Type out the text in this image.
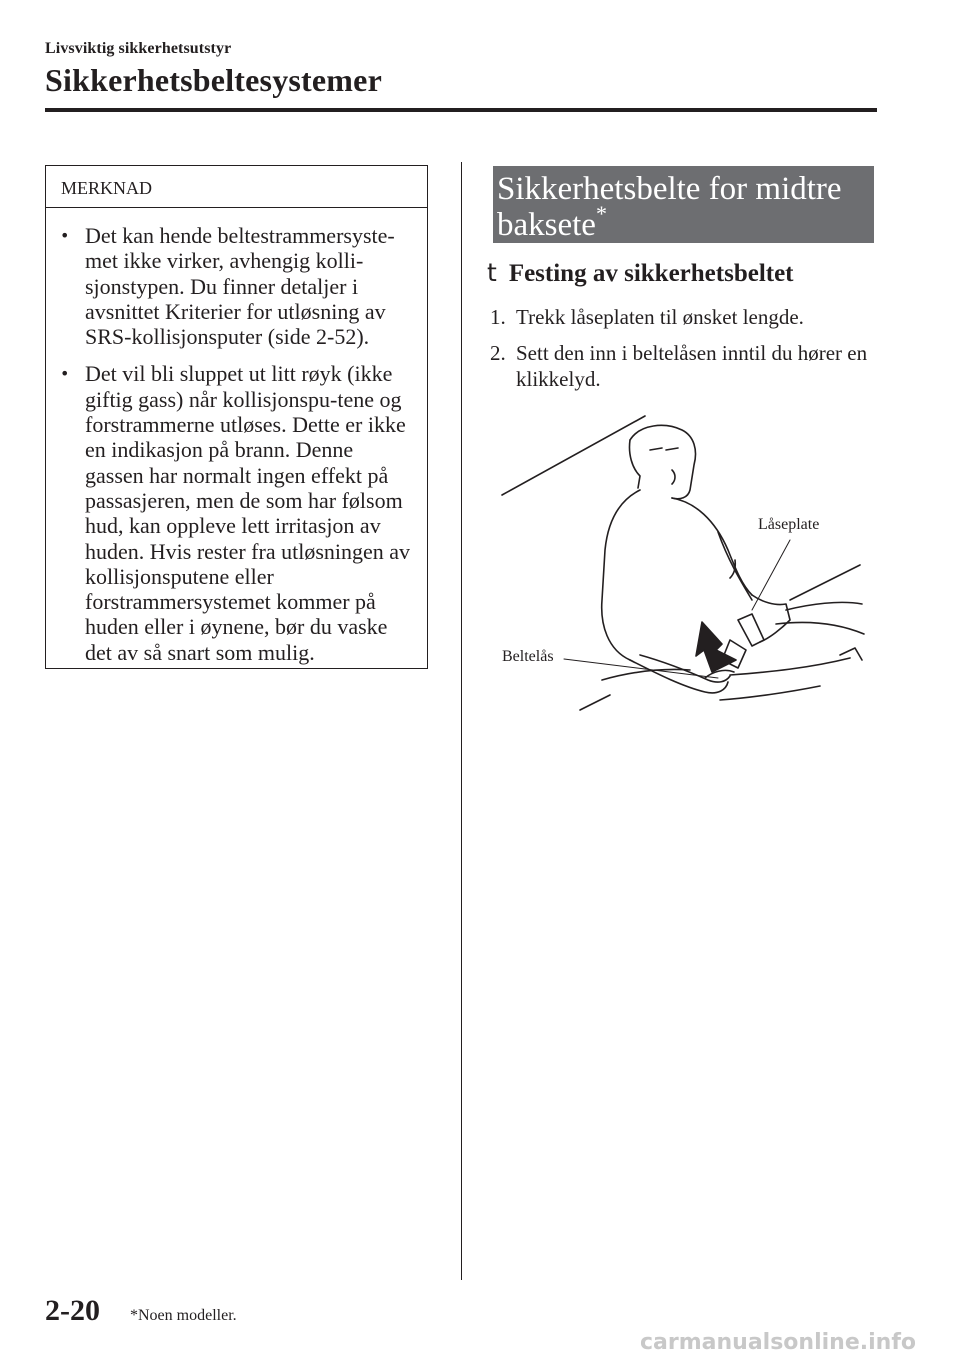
Livsviktig sikkerhetsutstyr
Sikkerhetsbeltesystemer
MERKNAD
• Det kan hende beltestrammersyste-met ikke virker, avhengig kolli-sjonstypen. Du finner detaljer i avsnittet Kriterier for utløsning av SRS-kollisjonsputer (side 2-52).
• Det vil bli sluppet ut litt røyk (ikke giftig gass) når kollisjonspu-tene og forstrammerne utløses. Dette er ikke en indikasjon på brann. Denne gassen har normalt ingen effekt på passasjeren, men de som har følsom hud, kan oppleve lett irritasjon av huden. Hvis rester fra utløsningen av kollisjonsputene eller forstrammersystemet kommer på huden eller i øynene, bør du vaske det av så snart som mulig.
Sikkerhetsbelte for midtre baksete*
t Festing av sikkerhetsbeltet
1. Trekk låseplaten til ønsket lengde.
2. Sett den inn i beltelåsen inntil du hører en klikkelyd.
Låseplate
Beltelås
2-20 *Noen modeller.
carmanualsonline.info
